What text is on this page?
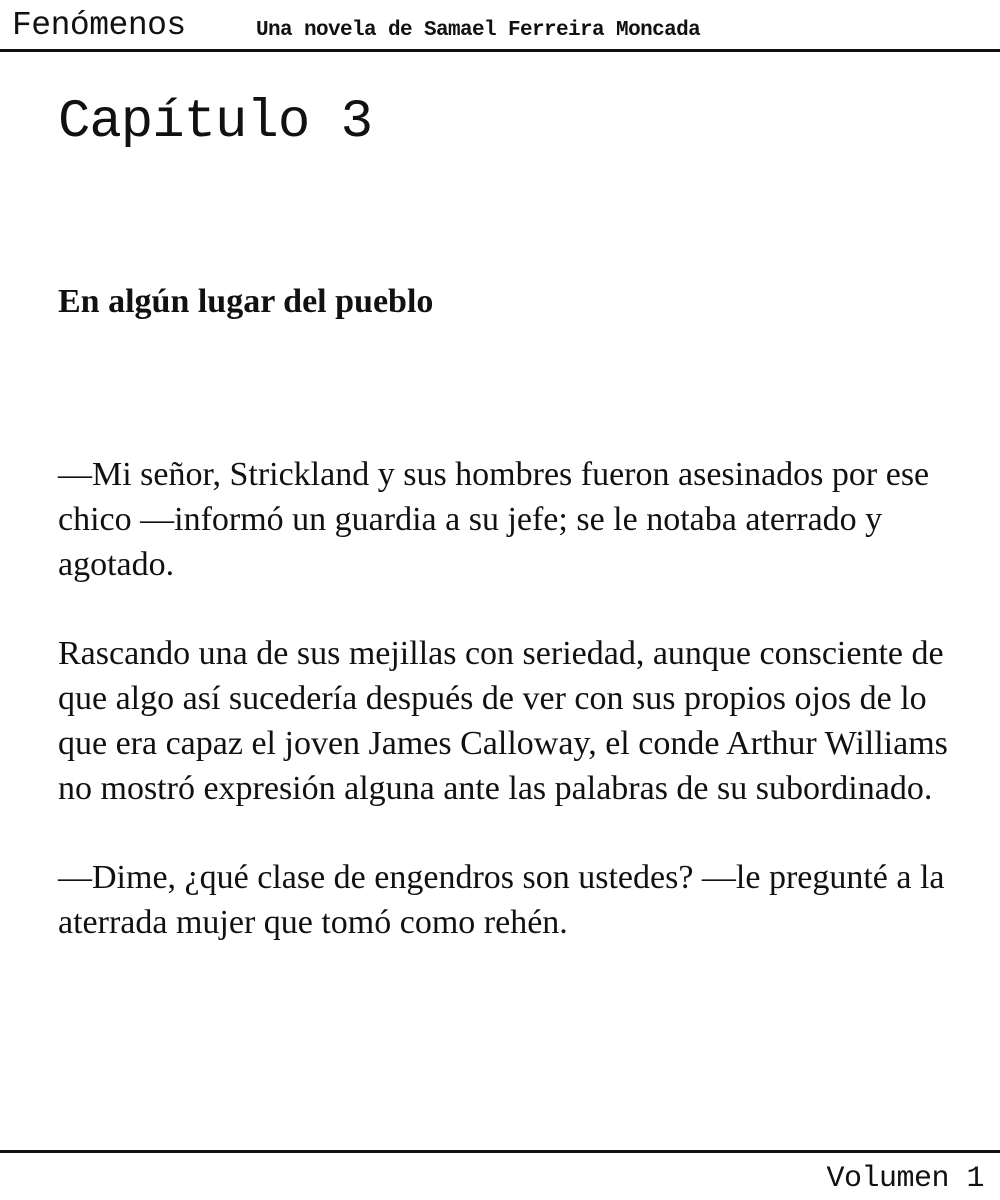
Fenómenos	Una novela de Samael Ferreira Moncada
Capítulo 3
En algún lugar del pueblo

—Mi señor, Strickland y sus hombres fueron asesinados por ese chico —informó un guardia a su jefe; se le notaba aterrado y agotado.

Rascando una de sus mejillas con seriedad, aunque consciente de que algo así sucedería después de ver con sus propios ojos de lo que era capaz el joven James Calloway, el conde Arthur Williams no mostró expresión alguna ante las palabras de su subordinado.

—Dime, ¿qué clase de engendros son ustedes? —le pregunté a la aterrada mujer que tomó como rehén.

Volumen 1
